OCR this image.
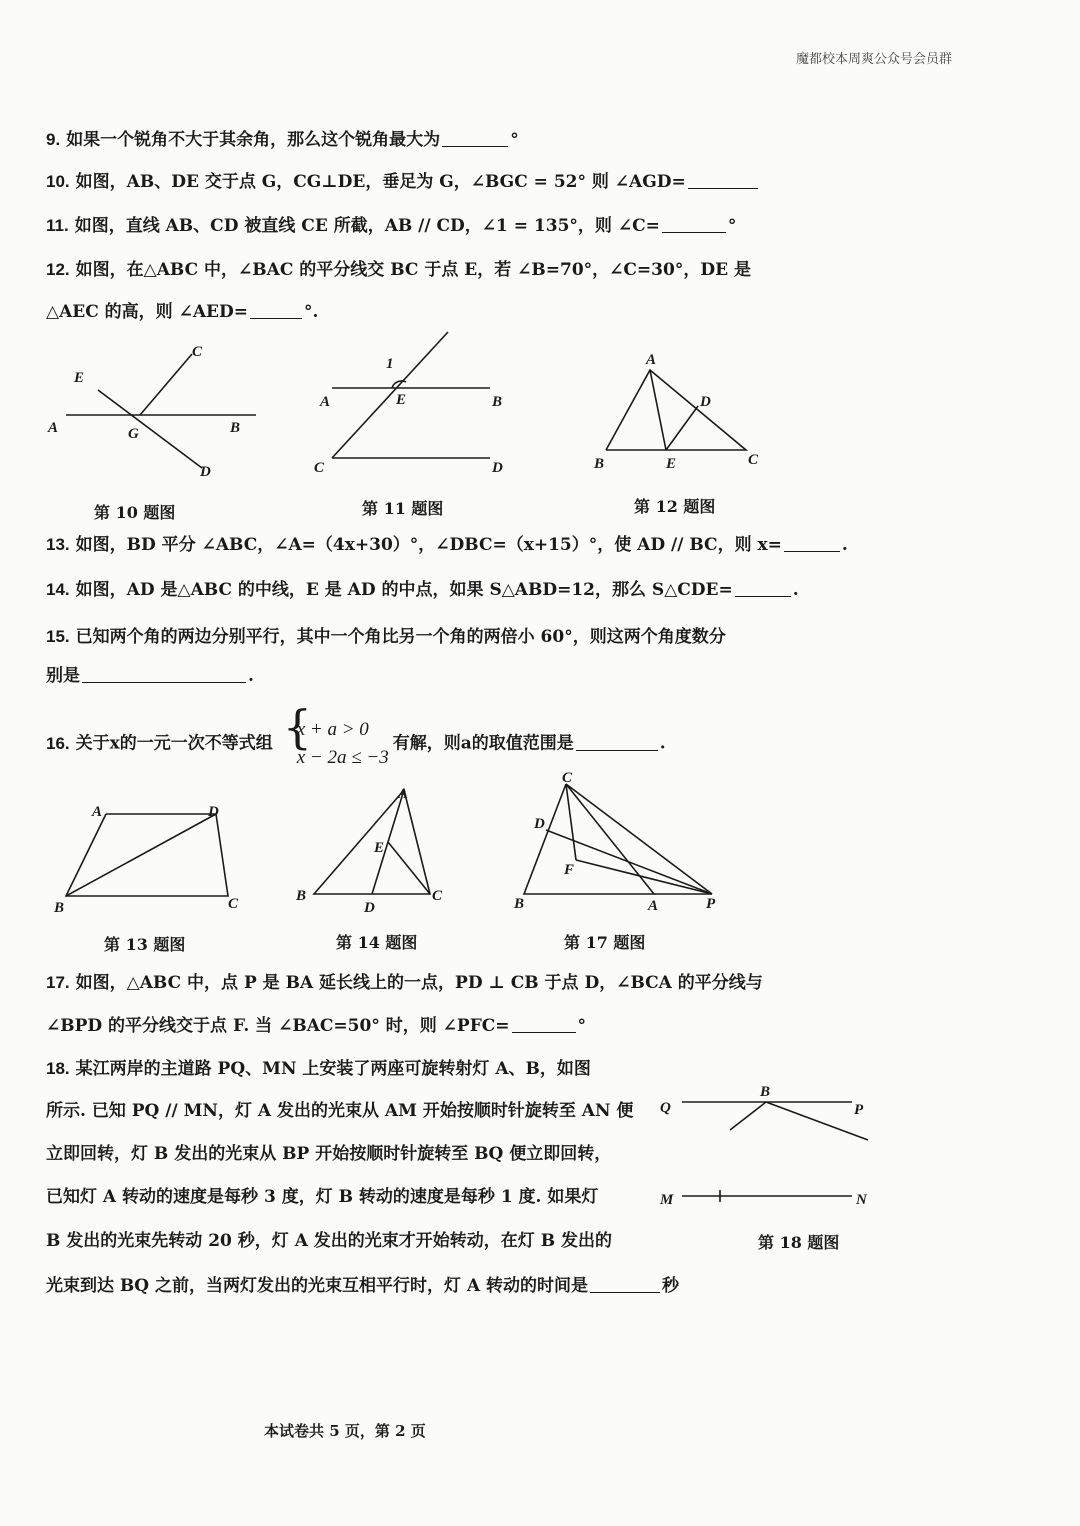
魔都校本周爽公众号会员群
9. 如果一个锐角不大于其余角，那么这个锐角最大为	°
10. 如图，AB、DE 交于点 G，CG⊥DE，垂足为 G，∠BGC = 52° 则 ∠AGD=
11. 如图，直线 AB、CD 被直线 CE 所截，AB // CD，∠1 = 135°，则 ∠C=	°
12. 如图，在△ABC 中，∠BAC 的平分线交 BC 于点 E，若 ∠B=70°，∠C=30°，DE 是
△AEC 的高，则 ∠AED=	°.
A	B
C
D
E
G
第 10 题图
A	B
C	D
E
1
第 11 题图
A
B	C
D
E
第 12 题图
13. 如图，BD 平分 ∠ABC，∠A=（4x+30）°，∠DBC=（x+15）°，使 AD // BC，则 x=	.
14. 如图，AD 是△ABC 的中线，E 是 AD 的中点，如果 S△ABD=12，那么 S△CDE=	.
15. 已知两个角的两边分别平行，其中一个角比另一个角的两倍小 60°，则这两个角度数分
别是	.
16. 关于x的一元一次不等式组 {
x + a > 0
x − 2a ≤ −3
有解，则a的取值范围是	.
A
B	C
D
第 13 题图
A
B	C
D
E
第 14 题图
C
D
F
B	A	P
第 17 题图
17. 如图，△ABC 中，点 P 是 BA 延长线上的一点，PD ⊥ CB 于点 D，∠BCA 的平分线与
∠BPD 的平分线交于点 F. 当 ∠BAC=50° 时，则 ∠PFC=	°
18. 某江两岸的主道路 PQ、MN 上安装了两座可旋转射灯 A、B，如图
所示. 已知 PQ // MN，灯 A 发出的光束从 AM 开始按顺时针旋转至 AN 便
立即回转，灯 B 发出的光束从 BP 开始按顺时针旋转至 BQ 便立即回转，
已知灯 A 转动的速度是每秒 3 度，灯 B 转动的速度是每秒 1 度. 如果灯
B 发出的光束先转动 20 秒，灯 A 发出的光束才开始转动，在灯 B 发出的
光束到达 BQ 之前，当两灯发出的光束互相平行时，灯 A 转动的时间是	秒
Q	P
M	N
B
第 18 题图
本试卷共 5 页，第 2 页
